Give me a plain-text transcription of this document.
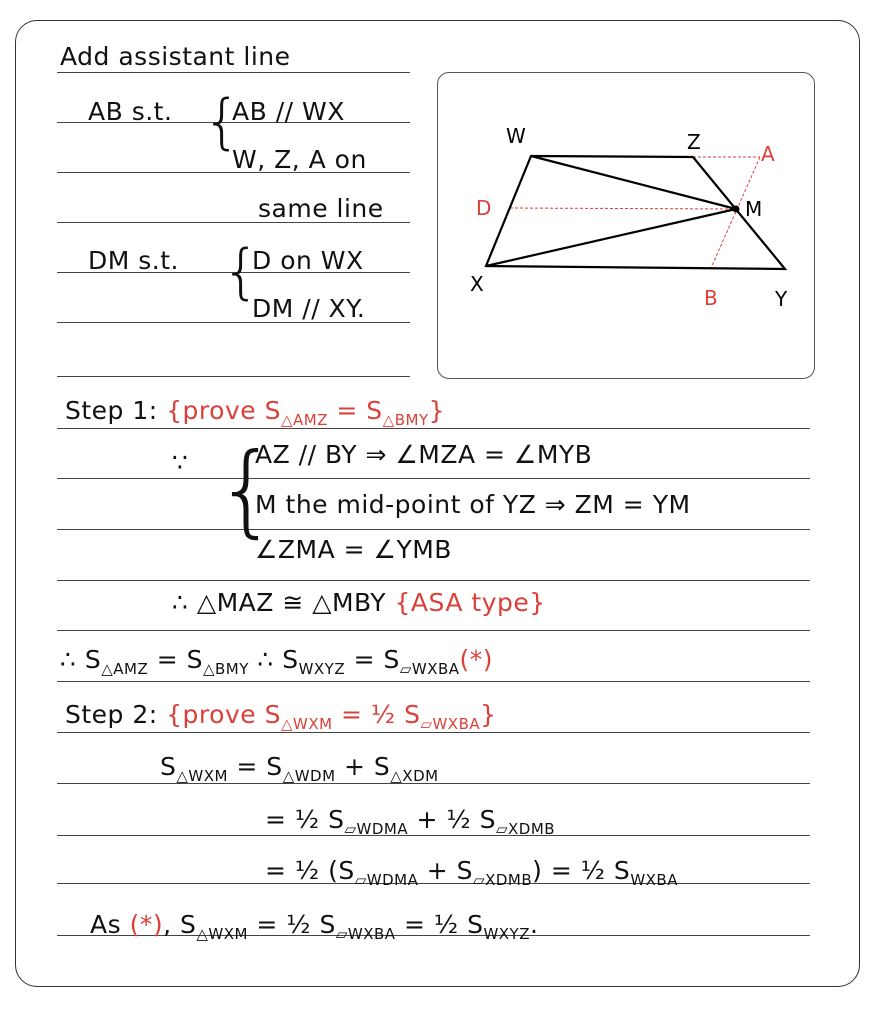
W	Z	A
D	M
X
B	Y
{
{
{
Add assistant line
AB s.t. AB // WX
W, Z, A on
same line
DM s.t.	D on WX
DM // XY.
Step 1: {prove $S_{\triangle AMZ} = S_{\triangle BMY}$}
∵	AZ // BY ⇒ ∠MZA = ∠MYB
M the mid-point of YZ ⇒ ZM = YM
∠ZMA = ∠YMB
∴ △MAZ ≅ △MBY {ASA type}
∴ $S_{\triangle AMZ} = S_{\triangle BMY}$ ∴ $S_{WXYZ} = S_{▱WXBA}(*)$
Step 2: {prove $S_{\triangle WXM}$ = ½ $S_{▱WXBA}$}
$S_{\triangle WXM} = S_{\triangle WDM} + S_{\triangle XDM}$
= ½ $S_{▱WDMA}$ + ½ $S_{▱XDMB}$
= ½ $(S_{▱WDMA} + S_{▱XDMB})$ = ½ $S_{WXBA}$
As (*), $S_{\triangle WXM}$ = ½ $S_{▱WXBA}$ = ½ $S_{WXYZ}$.
